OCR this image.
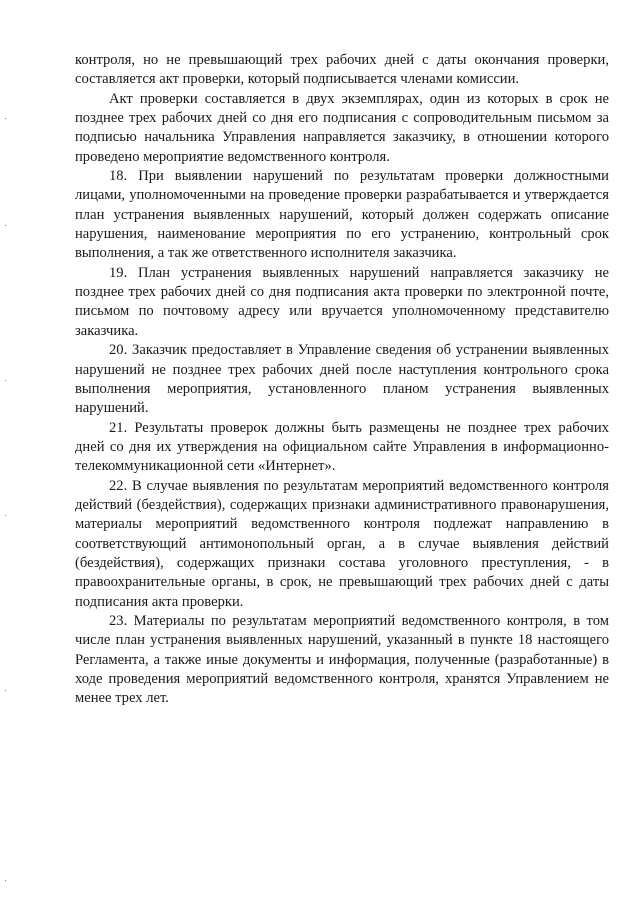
контроля, но не превышающий трех рабочих дней с даты окончания проверки, составляется акт проверки, который подписывается членами комиссии.

Акт проверки составляется в двух экземплярах, один из которых в срок не позднее трех рабочих дней со дня его подписания с сопроводительным письмом за подписью начальника Управления направляется заказчику, в отношении которого проведено мероприятие ведомственного контроля.

18. При выявлении нарушений по результатам проверки должностными лицами, уполномоченными на проведение проверки разрабатывается и утверждается план устранения выявленных нарушений, который должен содержать описание нарушения, наименование мероприятия по его устранению, контрольный срок выполнения, а так же ответственного исполнителя заказчика.

19. План устранения выявленных нарушений направляется заказчику не позднее трех рабочих дней со дня подписания акта проверки по электронной почте, письмом по почтовому адресу или вручается уполномоченному представителю заказчика.

20. Заказчик предоставляет в Управление сведения об устранении выявленных нарушений не позднее трех рабочих дней после наступления контрольного срока выполнения мероприятия, установленного планом устранения выявленных нарушений.

21. Результаты проверок должны быть размещены не позднее трех рабочих дней со дня их утверждения на официальном сайте Управления в информационно-телекоммуникационной сети «Интернет».

22. В случае выявления по результатам мероприятий ведомственного контроля действий (бездействия), содержащих признаки административного правонарушения, материалы мероприятий ведомственного контроля подлежат направлению в соответствующий антимонопольный орган, а в случае выявления действий (бездействия), содержащих признаки состава уголовного преступления, - в правоохранительные органы, в срок, не превышающий трех рабочих дней с даты подписания акта проверки.

23. Материалы по результатам мероприятий ведомственного контроля, в том числе план устранения выявленных нарушений, указанный в пункте 18 настоящего Регламента, а также иные документы и информация, полученные (разработанные) в ходе проведения мероприятий ведомственного контроля, хранятся Управлением не менее трех лет.
